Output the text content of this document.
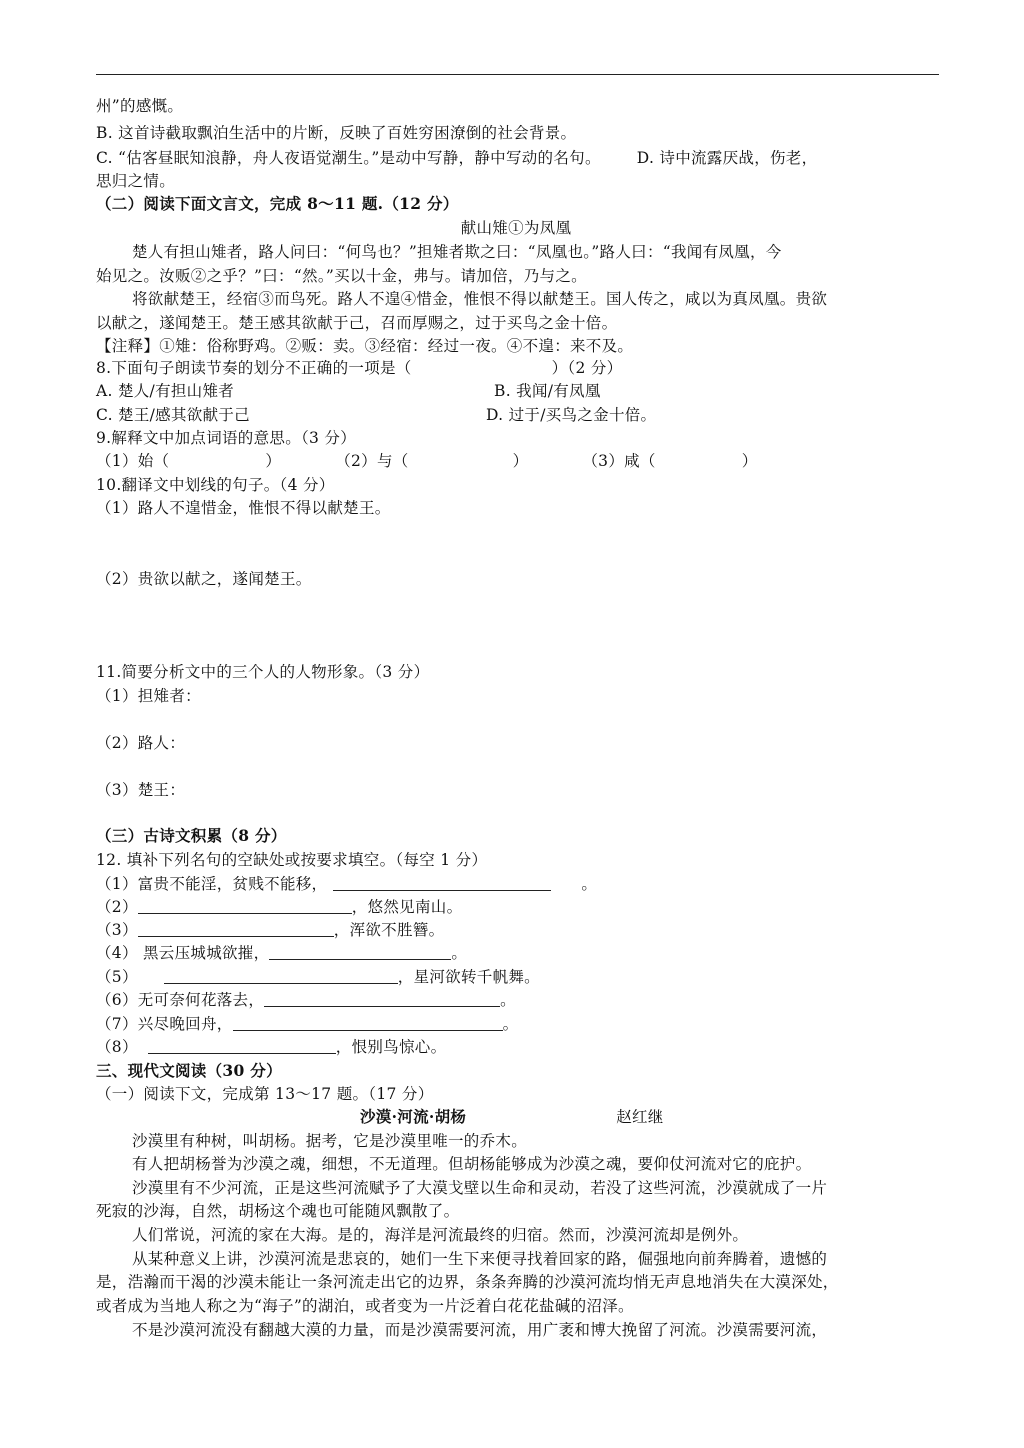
州”的感慨。
B. 这首诗截取飘泊生活中的片断，反映了百姓穷困潦倒的社会背景。
C. “估客昼眠知浪静，舟人夜语觉潮生。”是动中写静，静中写动的名句。 D. 诗中流露厌战，伤老，
思归之情。
（二）阅读下面文言文，完成 8～11 题.（12 分）
献山雉①为凤凰
楚人有担山雉者，路人问曰：“何鸟也？”担雉者欺之曰：“凤凰也。”路人曰：“我闻有凤凰，今
始见之。汝贩②之乎？”曰：“然。”买以十金，弗与。请加倍，乃与之。
将欲献楚王，经宿③而鸟死。路人不遑④惜金，惟恨不得以献楚王。国人传之，咸以为真凤凰。贵欲
以献之，遂闻楚王。楚王感其欲献于己，召而厚赐之，过于买鸟之金十倍。
【注释】①雉：俗称野鸡。②贩：卖。③经宿：经过一夜。④不遑：来不及。
8.下面句子朗读节奏的划分不正确的一项是（	）（2 分）
A. 楚人/有担山雉者	B. 我闻/有凤凰
C. 楚王/感其欲献于己	D. 过于/买鸟之金十倍。
9.解释文中加点词语的意思。（3 分）
（1）始（	）	（2）与（	）	（3）咸（	）
10.翻译文中划线的句子。（4 分）
（1）路人不遑惜金，惟恨不得以献楚王。
（2）贵欲以献之，遂闻楚王。
11.简要分析文中的三个人的人物形象。（3 分）
（1）担雉者：
（2）路人：
（3）楚王：
（三）古诗文积累（8 分）
12. 填补下列名句的空缺处或按要求填空。（每空 1 分）
（1）富贵不能淫，贫贱不能移，	。
（2）	，悠然见南山。
（3）	，浑欲不胜簪。
（4） 黑云压城城欲摧，	。
（5）	，星河欲转千帆舞。
（6）无可奈何花落去，	。
（7）兴尽晚回舟，	。
（8）	，恨别鸟惊心。
三、现代文阅读（30 分）
（一）阅读下文，完成第 13～17 题。（17 分）
沙漠·河流·胡杨	赵红继
沙漠里有种树，叫胡杨。据考，它是沙漠里唯一的乔木。
有人把胡杨誉为沙漠之魂，细想，不无道理。但胡杨能够成为沙漠之魂，要仰仗河流对它的庇护。
沙漠里有不少河流，正是这些河流赋予了大漠戈壁以生命和灵动，若没了这些河流，沙漠就成了一片
死寂的沙海，自然，胡杨这个魂也可能随风飘散了。
人们常说，河流的家在大海。是的，海洋是河流最终的归宿。然而，沙漠河流却是例外。
从某种意义上讲，沙漠河流是悲哀的，她们一生下来便寻找着回家的路，倔强地向前奔腾着，遗憾的
是，浩瀚而干渴的沙漠未能让一条河流走出它的边界，条条奔腾的沙漠河流均悄无声息地消失在大漠深处，
或者成为当地人称之为“海子”的湖泊，或者变为一片泛着白花花盐碱的沼泽。
不是沙漠河流没有翻越大漠的力量，而是沙漠需要河流，用广袤和博大挽留了河流。沙漠需要河流，
